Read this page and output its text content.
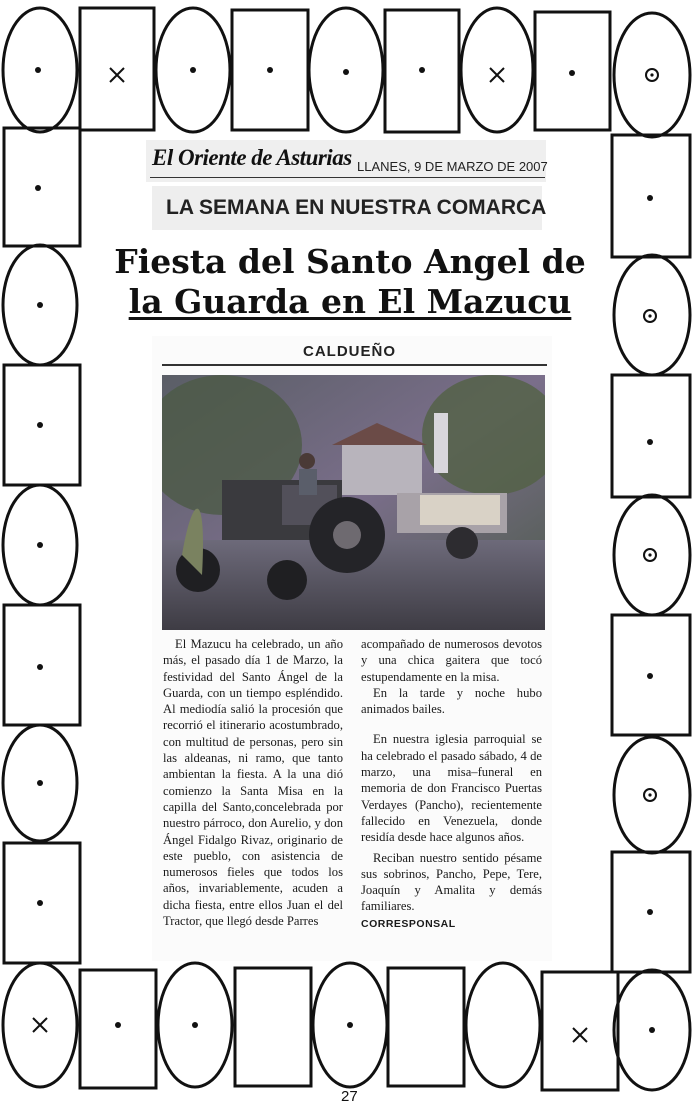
El Oriente de Asturias LLANES, 9 DE MARZO DE 2007
LA SEMANA EN NUESTRA COMARCA
Fiesta del Santo Angel de
la Guarda en El Mazucu
CALDUEÑO

El Mazucu ha celebrado, un año más, el pasado día 1 de Marzo, la festividad del Santo Ángel de la Guarda, con un tiempo espléndido. Al mediodía salió la procesión que recorrió el itinerario acostumbrado, con multitud de personas, pero sin las aldeanas, ni ramo, que tanto ambientan la fiesta. A la una dió comienzo la Santa Misa en la capilla del Santo,concelebrada por nuestro párroco, don Aurelio, y don Ángel Fidalgo Rivaz, originario de este pueblo, con asistencia de numerosos fieles que todos los años, invariablemente, acuden a dicha fiesta, entre ellos Juan el del Tractor, que llegó desde Parres

acompañado de numerosos devotos y una chica gaitera que tocó estupendamente en la misa.

En la tarde y noche hubo animados bailes.

En nuestra iglesia parroquial se ha celebrado el pasado sábado, 4 de marzo, una misa–funeral en memoria de don Francisco Puertas Verdayes (Pancho), recientemente fallecido en Venezuela, donde residía desde hace algunos años.

Reciban nuestro sentido pésame sus sobrinos, Pancho, Pepe, Tere, Joaquín y Amalita y demás familiares.

CORRESPONSAL

27
